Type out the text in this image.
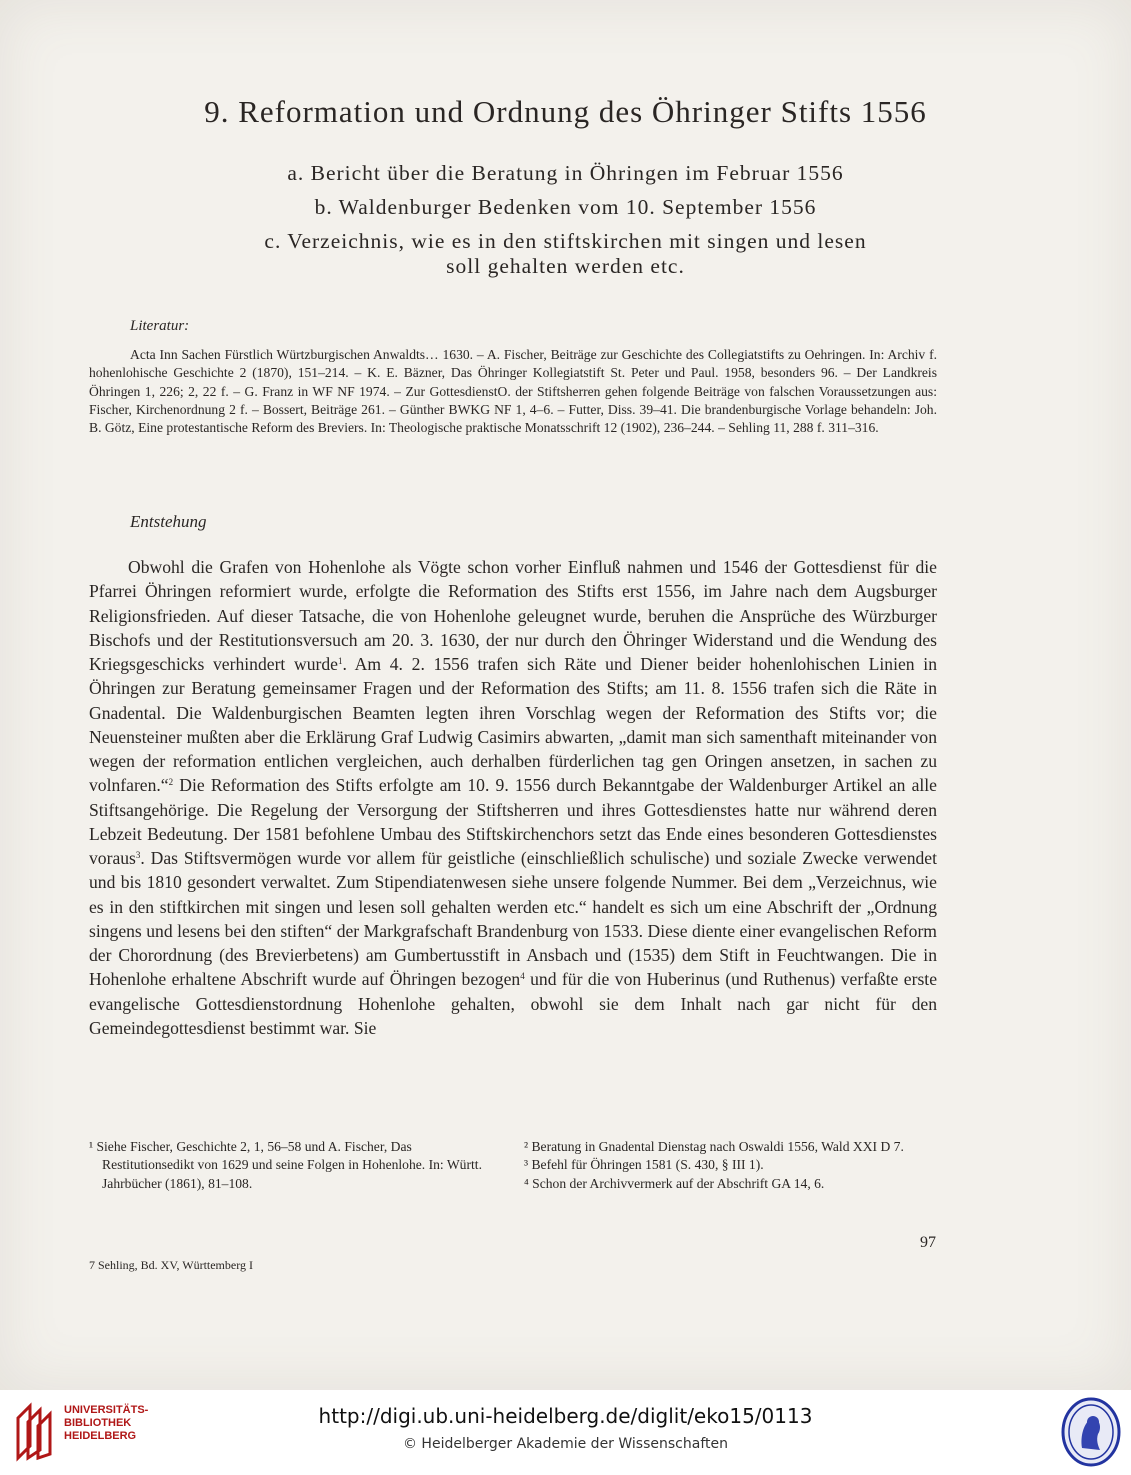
9. Reformation und Ordnung des Öhringer Stifts 1556
a. Bericht über die Beratung in Öhringen im Februar 1556
b. Waldenburger Bedenken vom 10. September 1556
c. Verzeichnis, wie es in den stiftskirchen mit singen und lesen
soll gehalten werden etc.
Literatur:

Acta Inn Sachen Fürstlich Würtzburgischen Anwaldts… 1630. – A. Fischer, Beiträge zur Geschichte des Collegiatstifts zu Oehringen. In: Archiv f. hohenlohische Geschichte 2 (1870), 151–214. – K. E. Bäzner, Das Öhringer Kollegiatstift St. Peter und Paul. 1958, besonders 96. – Der Landkreis Öhringen 1, 226; 2, 22 f. – G. Franz in WF NF 1974. – Zur GottesdienstO. der Stiftsherren gehen folgende Beiträge von falschen Voraussetzungen aus: Fischer, Kirchenordnung 2 f. – Bossert, Beiträge 261. – Günther BWKG NF 1, 4–6. – Futter, Diss. 39–41. Die brandenburgische Vorlage behandeln: Joh. B. Götz, Eine protestantische Reform des Breviers. In: Theologische praktische Monatsschrift 12 (1902), 236–244. – Sehling 11, 288 f. 311–316.

Entstehung

Obwohl die Grafen von Hohenlohe als Vögte schon vorher Einfluß nahmen und 1546 der Gottesdienst für die Pfarrei Öhringen reformiert wurde, erfolgte die Reformation des Stifts erst 1556, im Jahre nach dem Augsburger Religionsfrieden. Auf dieser Tatsache, die von Hohenlohe geleugnet wurde, beruhen die Ansprüche des Würzburger Bischofs und der Restitutionsversuch am 20. 3. 1630, der nur durch den Öhringer Widerstand und die Wendung des Kriegsgeschicks verhindert wurde$^1$. Am 4. 2. 1556 trafen sich Räte und Diener beider hohenlohischen Linien in Öhringen zur Beratung gemeinsamer Fragen und der Reformation des Stifts; am 11. 8. 1556 trafen sich die Räte in Gnadental. Die Waldenburgischen Beamten legten ihren Vorschlag wegen der Reformation des Stifts vor; die Neuensteiner mußten aber die Erklärung Graf Ludwig Casimirs abwarten, „damit man sich samenthaft miteinander von wegen der reformation entlichen vergleichen, auch derhalben fürderlichen tag gen Oringen ansetzen, in sachen zu volnfaren.“$^2$ Die Reformation des Stifts erfolgte am 10. 9. 1556 durch Bekanntgabe der Waldenburger Artikel an alle Stiftsangehörige. Die Regelung der Versorgung der Stiftsherren und ihres Gottesdienstes hatte nur während deren Lebzeit Bedeutung. Der 1581 befohlene Umbau des Stiftskirchenchors setzt das Ende eines besonderen Gottesdienstes voraus$^3$. Das Stiftsvermögen wurde vor allem für geistliche (einschließlich schulische) und soziale Zwecke verwendet und bis 1810 gesondert verwaltet. Zum Stipendiatenwesen siehe unsere folgende Nummer. Bei dem „Verzeichnus, wie es in den stiftkirchen mit singen und lesen soll gehalten werden etc.“ handelt es sich um eine Abschrift der „Ordnung singens und lesens bei den stiften“ der Markgrafschaft Brandenburg von 1533. Diese diente einer evangelischen Reform der Chorordnung (des Brevierbetens) am Gumbertusstift in Ansbach und (1535) dem Stift in Feuchtwangen. Die in Hohenlohe erhaltene Abschrift wurde auf Öhringen bezogen$^4$ und für die von Huberinus (und Ruthenus) verfaßte erste evangelische Gottesdienstordnung Hohenlohe gehalten, obwohl sie dem Inhalt nach gar nicht für den Gemeindegottesdienst bestimmt war. Sie

¹ Siehe Fischer, Geschichte 2, 1, 56–58 und A. Fischer, Das Restitutionsedikt von 1629 und seine Folgen in Hohenlohe. In: Württ. Jahrbücher (1861), 81–108.
² Beratung in Gnadental Dienstag nach Oswaldi 1556, Wald XXI D 7.
³ Befehl für Öhringen 1581 (S. 430, § III 1).
⁴ Schon der Archivvermerk auf der Abschrift GA 14, 6.
97
7 Sehling, Bd. XV, Württemberg I
UNIVERSITÄTS-
BIBLIOTHEK
HEIDELBERG
http://digi.ub.uni-heidelberg.de/diglit/eko15/0113
© Heidelberger Akademie der Wissenschaften
